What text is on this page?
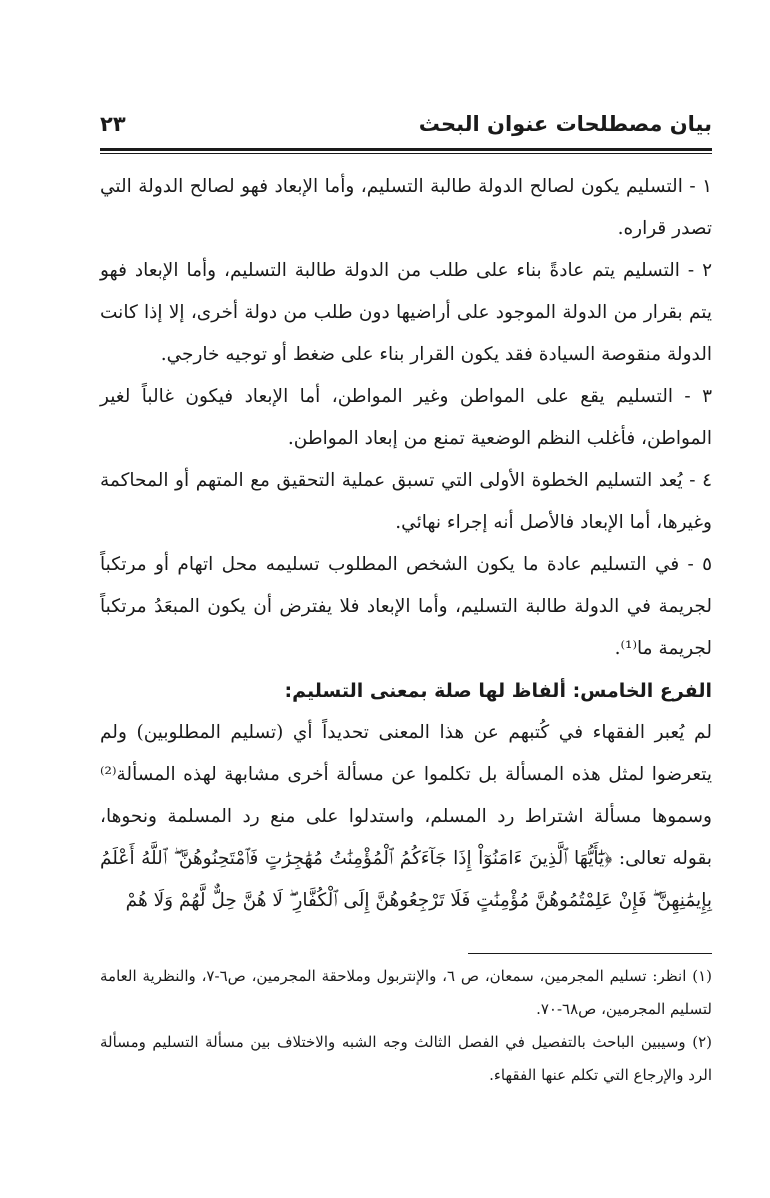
بيان مصطلحات عنوان البحث
٢٣

١ - التسليم يكون لصالح الدولة طالبة التسليم، وأما الإبعاد فهو لصالح الدولة التي تصدر قراره.

٢ - التسليم يتم عادةً بناء على طلب من الدولة طالبة التسليم، وأما الإبعاد فهو يتم بقرار من الدولة الموجود على أراضيها دون طلب من دولة أخرى، إلا إذا كانت الدولة منقوصة السيادة فقد يكون القرار بناء على ضغط أو توجيه خارجي.

٣ - التسليم يقع على المواطن وغير المواطن، أما الإبعاد فيكون غالباً لغير المواطن، فأغلب النظم الوضعية تمنع من إبعاد المواطن.

٤ - يُعد التسليم الخطوة الأولى التي تسبق عملية التحقيق مع المتهم أو المحاكمة وغيرها، أما الإبعاد فالأصل أنه إجراء نهائي.

٥ - في التسليم عادة ما يكون الشخص المطلوب تسليمه محل اتهام أو مرتكباً لجريمة في الدولة طالبة التسليم، وأما الإبعاد فلا يفترض أن يكون المبعَدُ مرتكباً لجريمة ما⁽¹⁾.

الفرع الخامس: ألفاظ لها صلة بمعنى التسليم:

لم يُعبر الفقهاء في كُتبهم عن هذا المعنى تحديداً أي (تسليم المطلوبين) ولم يتعرضوا لمثل هذه المسألة بل تكلموا عن مسألة أخرى مشابهة لهذه المسألة⁽²⁾ وسموها مسألة اشتراط رد المسلم، واستدلوا على منع رد المسلمة ونحوها، بقوله تعالى: ﴿يَٰٓأَيُّهَا ٱلَّذِينَ ءَامَنُوٓاْ إِذَا جَآءَكُمُ ٱلْمُؤْمِنَٰتُ مُهَٰجِرَٰتٍ فَٱمْتَحِنُوهُنَّ ۖ ٱللَّهُ أَعْلَمُ بِإِيمَٰنِهِنَّ ۖ فَإِنْ عَلِمْتُمُوهُنَّ مُؤْمِنَٰتٍ فَلَا تَرْجِعُوهُنَّ إِلَى ٱلْكُفَّارِ ۖ لَا هُنَّ حِلٌّ لَّهُمْ وَلَا هُمْ

(١) انظر: تسليم المجرمين، سمعان، ص ٦، والإنتربول وملاحقة المجرمين، ص٦-٧، والنظرية العامة لتسليم المجرمين، ص٦٨-٧٠.

(٢) وسيبين الباحث بالتفصيل في الفصل الثالث وجه الشبه والاختلاف بين مسألة التسليم ومسألة الرد والإرجاع التي تكلم عنها الفقهاء.
